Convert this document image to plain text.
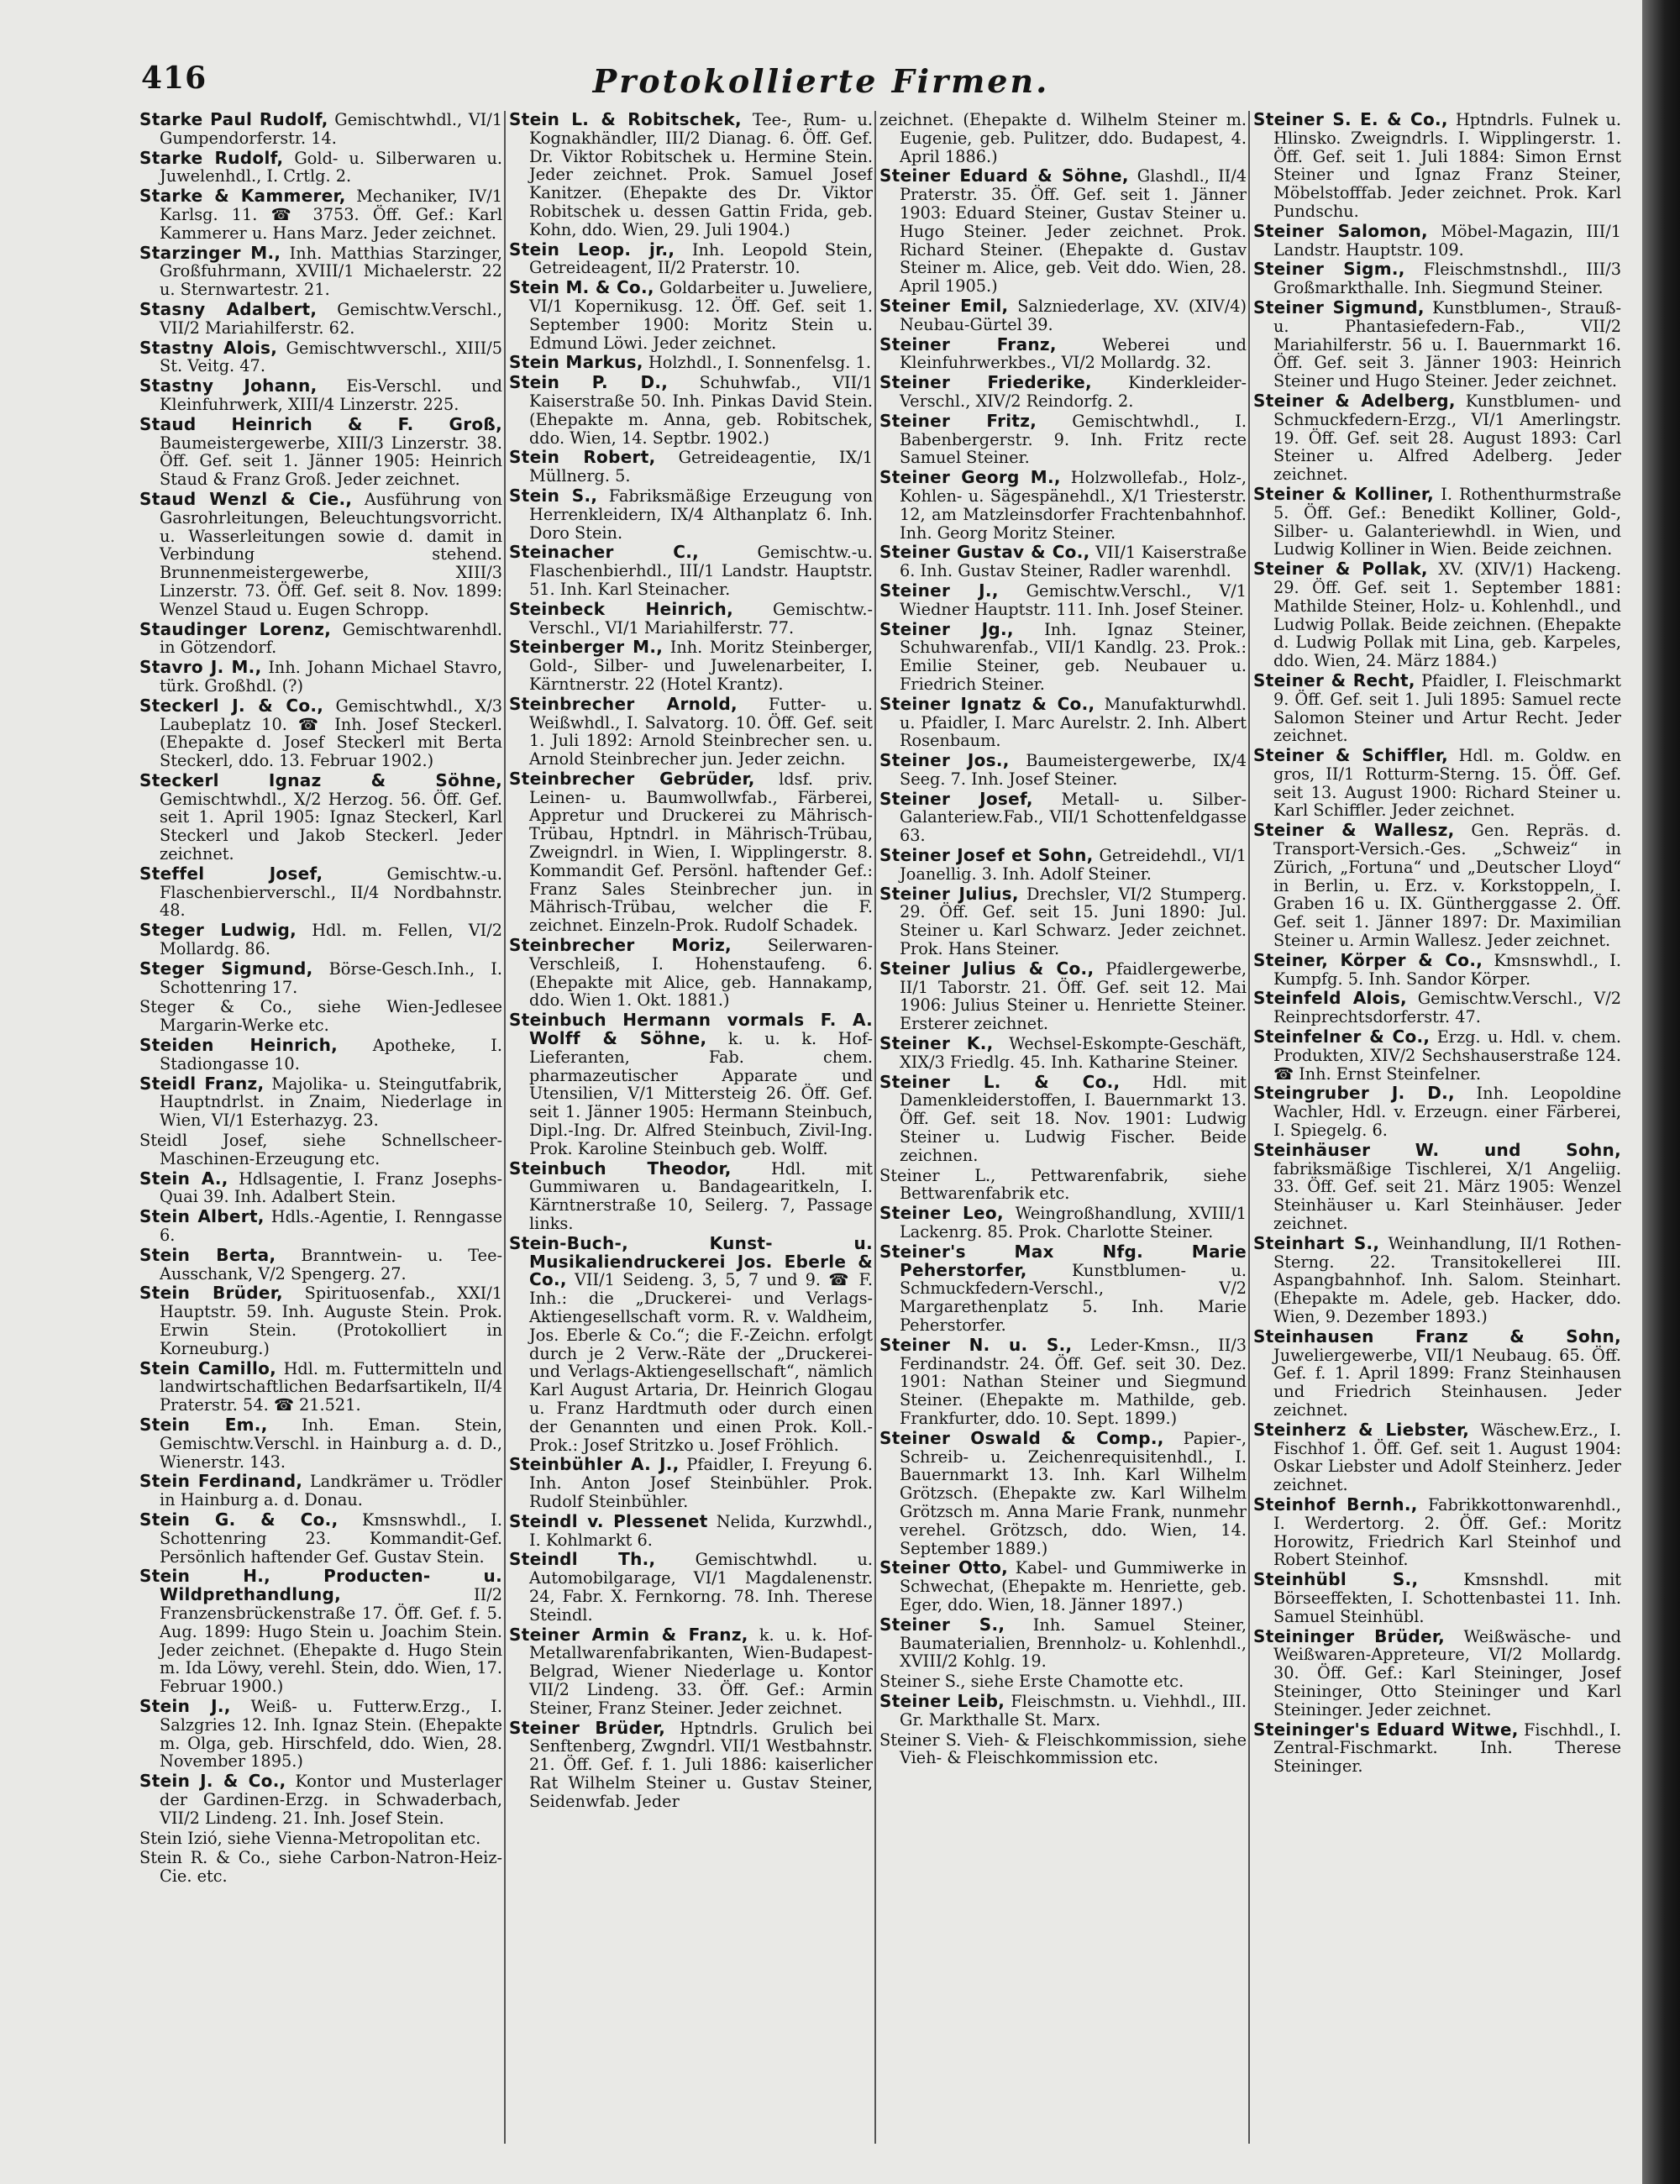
416	Protokollierte Firmen.

Starke Paul Rudolf, Gemischtwhdl., VI/1 Gumpendorferstr. 14.

Starke Rudolf, Gold- u. Silberwaren u. Juwelenhdl., I. Crtlg. 2.

Starke & Kammerer, Mechaniker, IV/1 Karlsg. 11. ☎ 3753. Öff. Gef.: Karl Kammerer u. Hans Marz. Jeder zeichnet.

Starzinger M., Inh. Matthias Starzinger, Großfuhrmann, XVIII/1 Michaelerstr. 22 u. Sternwartestr. 21.

Stasny Adalbert, Gemischtw.Verschl., VII/2 Mariahilferstr. 62.

Stastny Alois, Gemischtwverschl., XIII/5 St. Veitg. 47.

Stastny Johann, Eis-Verschl. und Kleinfuhrwerk, XIII/4 Linzerstr. 225.

Staud Heinrich & F. Groß, Baumeistergewerbe, XIII/3 Linzerstr. 38. Öff. Gef. seit 1. Jänner 1905: Heinrich Staud & Franz Groß. Jeder zeichnet.

Staud Wenzl & Cie., Ausführung von Gasrohrleitungen, Beleuchtungsvorricht. u. Wasserleitungen sowie d. damit in Verbindung stehend. Brunnenmeistergewerbe, XIII/3 Linzerstr. 73. Öff. Gef. seit 8. Nov. 1899: Wenzel Staud u. Eugen Schropp.

Staudinger Lorenz, Gemischtwarenhdl. in Götzendorf.

Stavro J. M., Inh. Johann Michael Stavro, türk. Großhdl. (?)

Steckerl J. & Co., Gemischtwhdl., X/3 Laubeplatz 10. ☎ Inh. Josef Steckerl. (Ehepakte d. Josef Steckerl mit Berta Steckerl, ddo. 13. Februar 1902.)

Steckerl Ignaz & Söhne, Gemischtwhdl., X/2 Herzog. 56. Öff. Gef. seit 1. April 1905: Ignaz Steckerl, Karl Steckerl und Jakob Steckerl. Jeder zeichnet.

Steffel Josef, Gemischtw.-u. Flaschenbierverschl., II/4 Nordbahnstr. 48.

Steger Ludwig, Hdl. m. Fellen, VI/2 Mollardg. 86.

Steger Sigmund, Börse-Gesch.Inh., I. Schottenring 17.

Steger & Co., siehe Wien-Jedlesee Margarin-Werke etc.

Steiden Heinrich, Apotheke, I. Stadiongasse 10.

Steidl Franz, Majolika- u. Steingutfabrik, Hauptndrlst. in Znaim, Niederlage in Wien, VI/1 Esterhazyg. 23.

Steidl Josef, siehe Schnellscheer-Maschinen-Erzeugung etc.

Stein A., Hdlsagentie, I. Franz Josephs-Quai 39. Inh. Adalbert Stein.

Stein Albert, Hdls.-Agentie, I. Renngasse 6.

Stein Berta, Branntwein- u. Tee-Ausschank, V/2 Spengerg. 27.

Stein Brüder, Spirituosenfab., XXI/1 Hauptstr. 59. Inh. Auguste Stein. Prok. Erwin Stein. (Protokolliert in Korneuburg.)

Stein Camillo, Hdl. m. Futtermitteln und landwirtschaftlichen Bedarfsartikeln, II/4 Praterstr. 54. ☎ 21.521.

Stein Em., Inh. Eman. Stein, Gemischtw.Verschl. in Hainburg a. d. D., Wienerstr. 143.

Stein Ferdinand, Landkrämer u. Trödler in Hainburg a. d. Donau.

Stein G. & Co., Kmsnswhdl., I. Schottenring 23. Kommandit-Gef. Persönlich haftender Gef. Gustav Stein.

Stein H., Producten- u. Wildprethandlung, II/2 Franzensbrückenstraße 17. Öff. Gef. f. 5. Aug. 1899: Hugo Stein u. Joachim Stein. Jeder zeichnet. (Ehepakte d. Hugo Stein m. Ida Löwy, verehl. Stein, ddo. Wien, 17. Februar 1900.)

Stein J., Weiß- u. Futterw.Erzg., I. Salzgries 12. Inh. Ignaz Stein. (Ehepakte m. Olga, geb. Hirschfeld, ddo. Wien, 28. November 1895.)

Stein J. & Co., Kontor und Musterlager der Gardinen-Erzg. in Schwaderbach, VII/2 Lindeng. 21. Inh. Josef Stein.

Stein Izió, siehe Vienna-Metropolitan etc.

Stein R. & Co., siehe Carbon-Natron-Heiz-Cie. etc.

Stein L. & Robitschek, Tee-, Rum- u. Kognakhändler, III/2 Dianag. 6. Öff. Gef. Dr. Viktor Robitschek u. Hermine Stein. Jeder zeichnet. Prok. Samuel Josef Kanitzer. (Ehepakte des Dr. Viktor Robitschek u. dessen Gattin Frida, geb. Kohn, ddo. Wien, 29. Juli 1904.)

Stein Leop. jr., Inh. Leopold Stein, Getreideagent, II/2 Praterstr. 10.

Stein M. & Co., Goldarbeiter u. Juweliere, VI/1 Kopernikusg. 12. Öff. Gef. seit 1. September 1900: Moritz Stein u. Edmund Löwi. Jeder zeichnet.

Stein Markus, Holzhdl., I. Sonnenfelsg. 1.

Stein P. D., Schuhwfab., VII/1 Kaiserstraße 50. Inh. Pinkas David Stein. (Ehepakte m. Anna, geb. Robitschek, ddo. Wien, 14. Septbr. 1902.)

Stein Robert, Getreideagentie, IX/1 Müllnerg. 5.

Stein S., Fabriksmäßige Erzeugung von Herrenkleidern, IX/4 Althanplatz 6. Inh. Doro Stein.

Steinacher C., Gemischtw.-u. Flaschenbierhdl., III/1 Landstr. Hauptstr. 51. Inh. Karl Steinacher.

Steinbeck Heinrich, Gemischtw.-Verschl., VI/1 Mariahilferstr. 77.

Steinberger M., Inh. Moritz Steinberger, Gold-, Silber- und Juwelenarbeiter, I. Kärntnerstr. 22 (Hotel Krantz).

Steinbrecher Arnold, Futter- u. Weißwhdl., I. Salvatorg. 10. Öff. Gef. seit 1. Juli 1892: Arnold Steinbrecher sen. u. Arnold Steinbrecher jun. Jeder zeichn.

Steinbrecher Gebrüder, ldsf. priv. Leinen- u. Baumwollwfab., Färberei, Appretur und Druckerei zu Mährisch-Trübau, Hptndrl. in Mährisch-Trübau, Zweigndrl. in Wien, I. Wipplingerstr. 8. Kommandit Gef. Persönl. haftender Gef.: Franz Sales Steinbrecher jun. in Mährisch-Trübau, welcher die F. zeichnet. Einzeln-Prok. Rudolf Schadek.

Steinbrecher Moriz, Seilerwaren-Verschleiß, I. Hohenstaufeng. 6. (Ehepakte mit Alice, geb. Hannakamp, ddo. Wien 1. Okt. 1881.)

Steinbuch Hermann vormals F. A. Wolff & Söhne, k. u. k. Hof-Lieferanten, Fab. chem. pharmazeutischer Apparate und Utensilien, V/1 Mittersteig 26. Öff. Gef. seit 1. Jänner 1905: Hermann Steinbuch, Dipl.-Ing. Dr. Alfred Steinbuch, Zivil-Ing. Prok. Karoline Steinbuch geb. Wolff.

Steinbuch Theodor, Hdl. mit Gummiwaren u. Bandagearitkeln, I. Kärntnerstraße 10, Seilerg. 7, Passage links.

Stein-Buch-, Kunst- u. Musikaliendruckerei Jos. Eberle & Co., VII/1 Seideng. 3, 5, 7 und 9. ☎ F. Inh.: die „Druckerei- und Verlags-Aktiengesellschaft vorm. R. v. Waldheim, Jos. Eberle & Co.“; die F.-Zeichn. erfolgt durch je 2 Verw.-Räte der „Druckerei- und Verlags-Aktiengesellschaft“, nämlich Karl August Artaria, Dr. Heinrich Glogau u. Franz Hardtmuth oder durch einen der Genannten und einen Prok. Koll.-Prok.: Josef Stritzko u. Josef Fröhlich.

Steinbühler A. J., Pfaidler, I. Freyung 6. Inh. Anton Josef Steinbühler. Prok. Rudolf Steinbühler.

Steindl v. Plessenet Nelida, Kurzwhdl., I. Kohlmarkt 6.

Steindl Th., Gemischtwhdl. u. Automobilgarage, VI/1 Magdalenenstr. 24, Fabr. X. Fernkorng. 78. Inh. Therese Steindl.

Steiner Armin & Franz, k. u. k. Hof-Metallwarenfabrikanten, Wien-Budapest-Belgrad, Wiener Niederlage u. Kontor VII/2 Lindeng. 33. Öff. Gef.: Armin Steiner, Franz Steiner. Jeder zeichnet.

Steiner Brüder, Hptndrls. Grulich bei Senftenberg, Zwgndrl. VII/1 Westbahnstr. 21. Öff. Gef. f. 1. Juli 1886: kaiserlicher Rat Wilhelm Steiner u. Gustav Steiner, Seidenwfab. Jeder

zeichnet. (Ehepakte d. Wilhelm Steiner m. Eugenie, geb. Pulitzer, ddo. Budapest, 4. April 1886.)

Steiner Eduard & Söhne, Glashdl., II/4 Praterstr. 35. Öff. Gef. seit 1. Jänner 1903: Eduard Steiner, Gustav Steiner u. Hugo Steiner. Jeder zeichnet. Prok. Richard Steiner. (Ehepakte d. Gustav Steiner m. Alice, geb. Veit ddo. Wien, 28. April 1905.)

Steiner Emil, Salzniederlage, XV. (XIV/4) Neubau-Gürtel 39.

Steiner Franz, Weberei und Kleinfuhrwerkbes., VI/2 Mollardg. 32.

Steiner Friederike, Kinderkleider-Verschl., XIV/2 Reindorfg. 2.

Steiner Fritz, Gemischtwhdl., I. Babenbergerstr. 9. Inh. Fritz recte Samuel Steiner.

Steiner Georg M., Holzwollefab., Holz-, Kohlen- u. Sägespänehdl., X/1 Triesterstr. 12, am Matzleinsdorfer Frachtenbahnhof. Inh. Georg Moritz Steiner.

Steiner Gustav & Co., VII/1 Kaiserstraße 6. Inh. Gustav Steiner, Radler warenhdl.

Steiner J., Gemischtw.Verschl., V/1 Wiedner Hauptstr. 111. Inh. Josef Steiner.

Steiner Jg., Inh. Ignaz Steiner, Schuhwarenfab., VII/1 Kandlg. 23. Prok.: Emilie Steiner, geb. Neubauer u. Friedrich Steiner.

Steiner Ignatz & Co., Manufakturwhdl. u. Pfaidler, I. Marc Aurelstr. 2. Inh. Albert Rosenbaum.

Steiner Jos., Baumeistergewerbe, IX/4 Seeg. 7. Inh. Josef Steiner.

Steiner Josef, Metall- u. Silber-Galanteriew.Fab., VII/1 Schottenfeldgasse 63.

Steiner Josef et Sohn, Getreidehdl., VI/1 Joanellig. 3. Inh. Adolf Steiner.

Steiner Julius, Drechsler, VI/2 Stumperg. 29. Öff. Gef. seit 15. Juni 1890: Jul. Steiner u. Karl Schwarz. Jeder zeichnet. Prok. Hans Steiner.

Steiner Julius & Co., Pfaidlergewerbe, II/1 Taborstr. 21. Öff. Gef. seit 12. Mai 1906: Julius Steiner u. Henriette Steiner. Ersterer zeichnet.

Steiner K., Wechsel-Eskompte-Geschäft, XIX/3 Friedlg. 45. Inh. Katharine Steiner.

Steiner L. & Co., Hdl. mit Damenkleiderstoffen, I. Bauernmarkt 13. Öff. Gef. seit 18. Nov. 1901: Ludwig Steiner u. Ludwig Fischer. Beide zeichnen.

Steiner L., Pettwarenfabrik, siehe Bettwarenfabrik etc.

Steiner Leo, Weingroßhandlung, XVIII/1 Lackenrg. 85. Prok. Charlotte Steiner.

Steiner's Max Nfg. Marie Peherstorfer, Kunstblumen- u. Schmuckfedern-Verschl., V/2 Margarethenplatz 5. Inh. Marie Peherstorfer.

Steiner N. u. S., Leder-Kmsn., II/3 Ferdinandstr. 24. Öff. Gef. seit 30. Dez. 1901: Nathan Steiner und Siegmund Steiner. (Ehepakte m. Mathilde, geb. Frankfurter, ddo. 10. Sept. 1899.)

Steiner Oswald & Comp., Papier-, Schreib- u. Zeichenrequisitenhdl., I. Bauernmarkt 13. Inh. Karl Wilhelm Grötzsch. (Ehepakte zw. Karl Wilhelm Grötzsch m. Anna Marie Frank, nunmehr verehel. Grötzsch, ddo. Wien, 14. September 1889.)

Steiner Otto, Kabel- und Gummiwerke in Schwechat, (Ehepakte m. Henriette, geb. Eger, ddo. Wien, 18. Jänner 1897.)

Steiner S., Inh. Samuel Steiner, Baumaterialien, Brennholz- u. Kohlenhdl., XVIII/2 Kohlg. 19.

Steiner S., siehe Erste Chamotte etc.

Steiner Leib, Fleischmstn. u. Viehhdl., III. Gr. Markthalle St. Marx.

Steiner S. Vieh- & Fleischkommission, siehe Vieh- & Fleischkommission etc.

Steiner S. E. & Co., Hptndrls. Fulnek u. Hlinsko. Zweigndrls. I. Wipplingerstr. 1. Öff. Gef. seit 1. Juli 1884: Simon Ernst Steiner und Ignaz Franz Steiner, Möbelstofffab. Jeder zeichnet. Prok. Karl Pundschu.

Steiner Salomon, Möbel-Magazin, III/1 Landstr. Hauptstr. 109.

Steiner Sigm., Fleischmstnshdl., III/3 Großmarkthalle. Inh. Siegmund Steiner.

Steiner Sigmund, Kunstblumen-, Strauß- u. Phantasiefedern-Fab., VII/2 Mariahilferstr. 56 u. I. Bauernmarkt 16. Öff. Gef. seit 3. Jänner 1903: Heinrich Steiner und Hugo Steiner. Jeder zeichnet.

Steiner & Adelberg, Kunstblumen- und Schmuckfedern-Erzg., VI/1 Amerlingstr. 19. Öff. Gef. seit 28. August 1893: Carl Steiner u. Alfred Adelberg. Jeder zeichnet.

Steiner & Kolliner, I. Rothenthurmstraße 5. Öff. Gef.: Benedikt Kolliner, Gold-, Silber- u. Galanteriewhdl. in Wien, und Ludwig Kolliner in Wien. Beide zeichnen.

Steiner & Pollak, XV. (XIV/1) Hackeng. 29. Öff. Gef. seit 1. September 1881: Mathilde Steiner, Holz- u. Kohlenhdl., und Ludwig Pollak. Beide zeichnen. (Ehepakte d. Ludwig Pollak mit Lina, geb. Karpeles, ddo. Wien, 24. März 1884.)

Steiner & Recht, Pfaidler, I. Fleischmarkt 9. Öff. Gef. seit 1. Juli 1895: Samuel recte Salomon Steiner und Artur Recht. Jeder zeichnet.

Steiner & Schiffler, Hdl. m. Goldw. en gros, II/1 Rotturm-Sterng. 15. Öff. Gef. seit 13. August 1900: Richard Steiner u. Karl Schiffler. Jeder zeichnet.

Steiner & Wallesz, Gen. Repräs. d. Transport-Versich.-Ges. „Schweiz“ in Zürich, „Fortuna“ und „Deutscher Lloyd“ in Berlin, u. Erz. v. Korkstoppeln, I. Graben 16 u. IX. Güntherggasse 2. Öff. Gef. seit 1. Jänner 1897: Dr. Maximilian Steiner u. Armin Wallesz. Jeder zeichnet.

Steiner, Körper & Co., Kmsnswhdl., I. Kumpfg. 5. Inh. Sandor Körper.

Steinfeld Alois, Gemischtw.Verschl., V/2 Reinprechtsdorferstr. 47.

Steinfelner & Co., Erzg. u. Hdl. v. chem. Produkten, XIV/2 Sechshauserstraße 124. ☎ Inh. Ernst Steinfelner.

Steingruber J. D., Inh. Leopoldine Wachler, Hdl. v. Erzeugn. einer Färberei, I. Spiegelg. 6.

Steinhäuser W. und Sohn, fabriksmäßige Tischlerei, X/1 Angeliig. 33. Öff. Gef. seit 21. März 1905: Wenzel Steinhäuser u. Karl Steinhäuser. Jeder zeichnet.

Steinhart S., Weinhandlung, II/1 Rothen-Sterng. 22. Transitokellerei III. Aspangbahnhof. Inh. Salom. Steinhart. (Ehepakte m. Adele, geb. Hacker, ddo. Wien, 9. Dezember 1893.)

Steinhausen Franz & Sohn, Juweliergewerbe, VII/1 Neubaug. 65. Öff. Gef. f. 1. April 1899: Franz Steinhausen und Friedrich Steinhausen. Jeder zeichnet.

Steinherz & Liebster, Wäschew.Erz., I. Fischhof 1. Öff. Gef. seit 1. August 1904: Oskar Liebster und Adolf Steinherz. Jeder zeichnet.

Steinhof Bernh., Fabrikkottonwarenhdl., I. Werdertorg. 2. Öff. Gef.: Moritz Horowitz, Friedrich Karl Steinhof und Robert Steinhof.

Steinhübl S., Kmsnshdl. mit Börseeffekten, I. Schottenbastei 11. Inh. Samuel Steinhübl.

Steininger Brüder, Weißwäsche- und Weißwaren-Appreteure, VI/2 Mollardg. 30. Öff. Gef.: Karl Steininger, Josef Steininger, Otto Steininger und Karl Steininger. Jeder zeichnet.

Steininger's Eduard Witwe, Fischhdl., I. Zentral-Fischmarkt. Inh. Therese Steininger.
